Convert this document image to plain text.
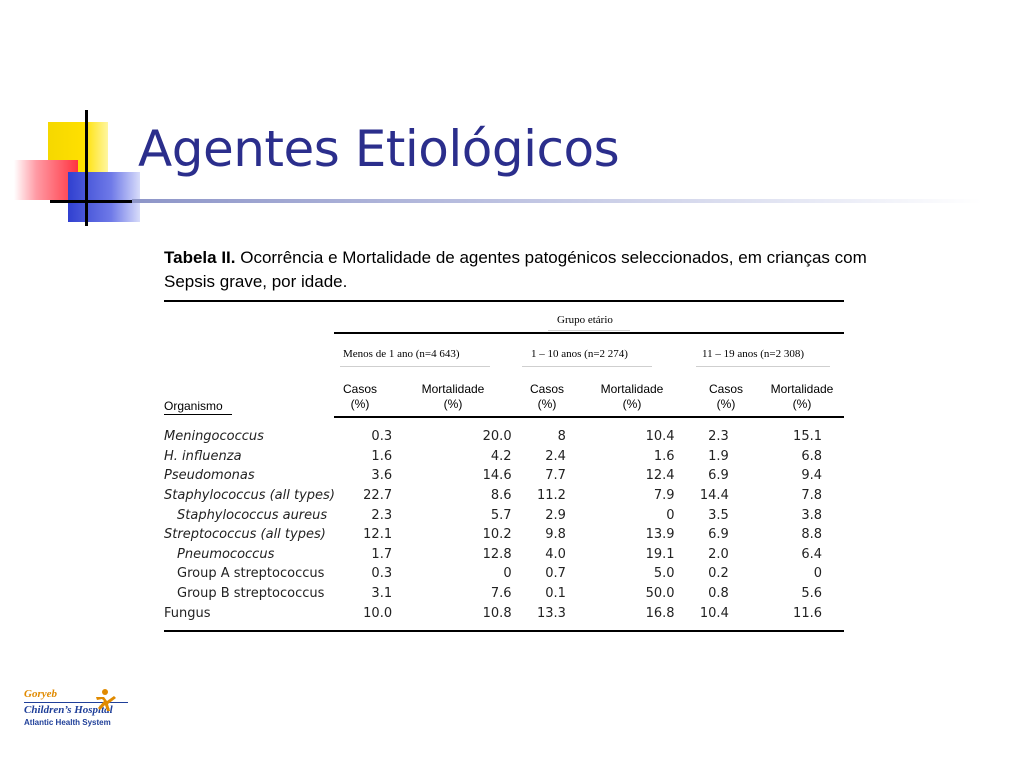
Agentes Etiológicos
Tabela II. Ocorrência e Mortalidade de agentes patogénicos seleccionados, em crianças com Sepsis grave, por idade.
Grupo etário
Menos de 1 ano (n=4 643)	1 – 10 anos (n=2 274)	11 – 19 anos (n=2 308)
Casos
(%)
Mortalidade
(%)
Casos
(%)
Mortalidade
(%)
Casos
(%)
Mortalidade
(%)
Organismo
Meningococcus	0.3	20.0	8	10.4	2.3	15.1
H. influenza	1.6	4.2	2.4	1.6	1.9	6.8
Pseudomonas	3.6	14.6	7.7	12.4	6.9	9.4
Staphylococcus (all types)	22.7	8.6	11.2	7.9	14.4	7.8
Staphylococcus aureus	2.3	5.7	2.9	0	3.5	3.8
Streptococcus (all types)	12.1	10.2	9.8	13.9	6.9	8.8
Pneumococcus	1.7	12.8	4.0	19.1	2.0	6.4
Group A streptococcus	0.3	0	0.7	5.0	0.2	0
Group B streptococcus	3.1	7.6	0.1	50.0	0.8	5.6
Fungus	10.0	10.8	13.3	16.8	10.4	11.6
Goryeb
Children’s Hospital
Atlantic Health System
